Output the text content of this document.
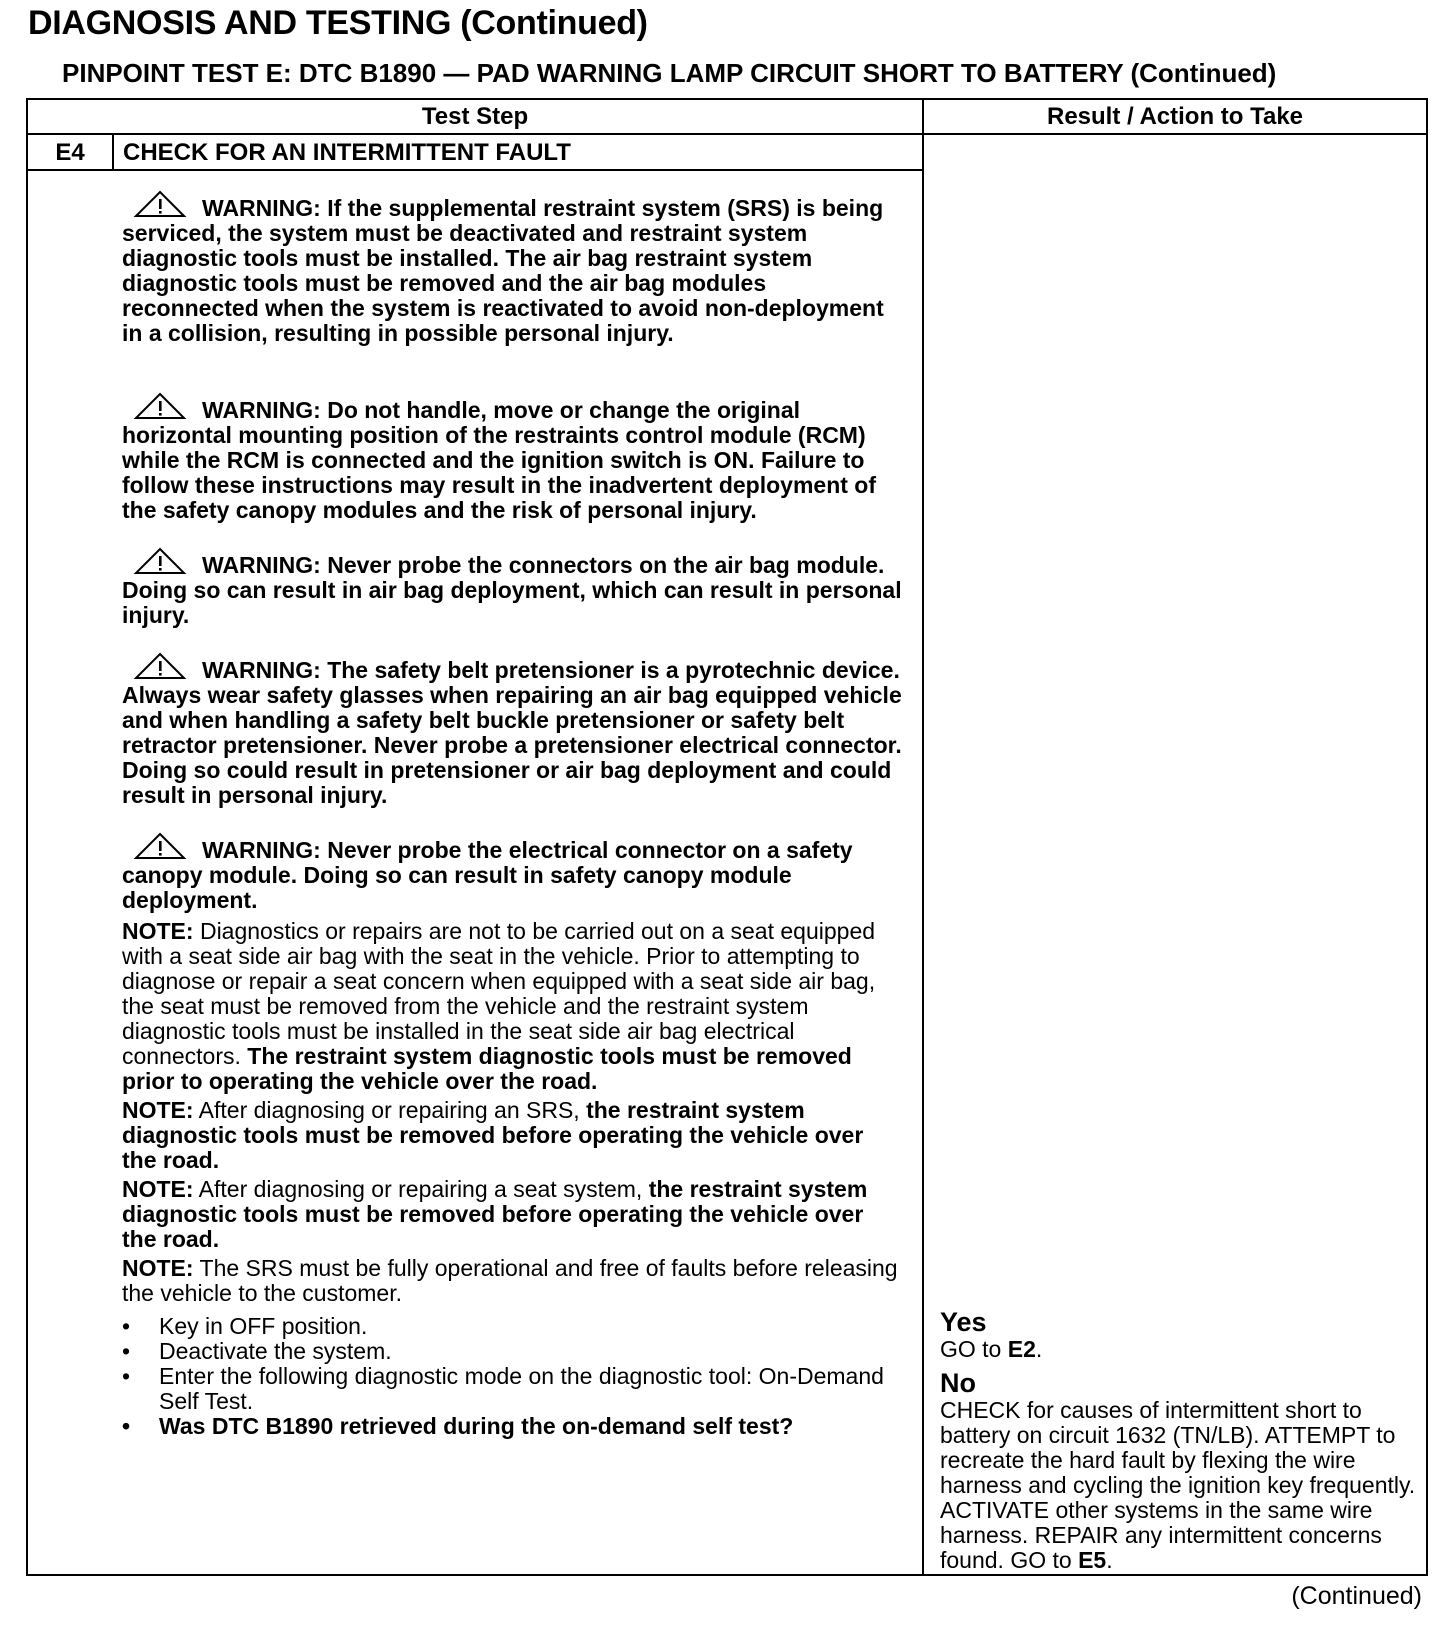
DIAGNOSIS AND TESTING (Continued)
PINPOINT TEST E: DTC B1890 — PAD WARNING LAMP CIRCUIT SHORT TO BATTERY (Continued)
Test Step	Result / Action to Take
E4	CHECK FOR AN INTERMITTENT FAULT
WARNING: If the supplemental restraint system (SRS) is being serviced, the system must be deactivated and restraint system diagnostic tools must be installed. The air bag restraint system diagnostic tools must be removed and the air bag modules reconnected when the system is reactivated to avoid non-deployment in a collision, resulting in possible personal injury.
WARNING: Do not handle, move or change the original horizontal mounting position of the restraints control module (RCM) while the RCM is connected and the ignition switch is ON. Failure to follow these instructions may result in the inadvertent deployment of the safety canopy modules and the risk of personal injury.
WARNING: Never probe the connectors on the air bag module. Doing so can result in air bag deployment, which can result in personal injury.
WARNING: The safety belt pretensioner is a pyrotechnic device. Always wear safety glasses when repairing an air bag equipped vehicle and when handling a safety belt buckle pretensioner or safety belt retractor pretensioner. Never probe a pretensioner electrical connector. Doing so could result in pretensioner or air bag deployment and could result in personal injury.
WARNING: Never probe the electrical connector on a safety canopy module. Doing so can result in safety canopy module deployment.
NOTE: Diagnostics or repairs are not to be carried out on a seat equipped with a seat side air bag with the seat in the vehicle. Prior to attempting to diagnose or repair a seat concern when equipped with a seat side air bag, the seat must be removed from the vehicle and the restraint system diagnostic tools must be installed in the seat side air bag electrical connectors. The restraint system diagnostic tools must be removed prior to operating the vehicle over the road.
NOTE: After diagnosing or repairing an SRS, the restraint system diagnostic tools must be removed before operating the vehicle over the road.
NOTE: After diagnosing or repairing a seat system, the restraint system diagnostic tools must be removed before operating the vehicle over the road.
NOTE: The SRS must be fully operational and free of faults before releasing the vehicle to the customer.
• Key in OFF position.
• Deactivate the system.
• Enter the following diagnostic mode on the diagnostic tool: On-Demand Self Test.
• Was DTC B1890 retrieved during the on-demand self test?
Yes
GO to E2.
No
CHECK for causes of intermittent short to battery on circuit 1632 (TN/LB). ATTEMPT to recreate the hard fault by flexing the wire harness and cycling the ignition key frequently. ACTIVATE other systems in the same wire harness. REPAIR any intermittent concerns found. GO to E5.
(Continued)
